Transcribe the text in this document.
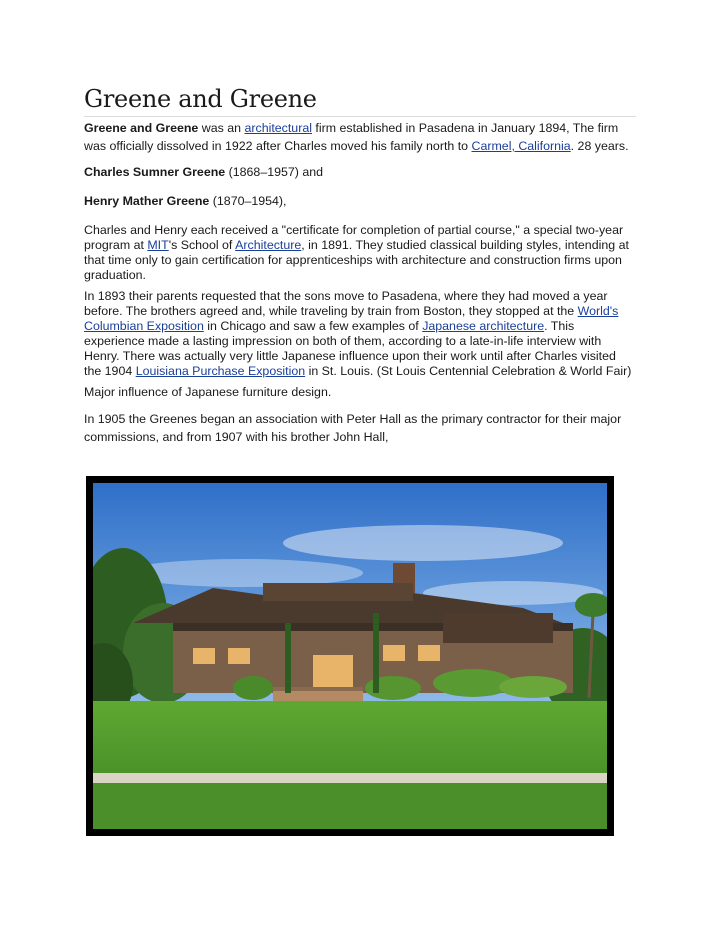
Greene and Greene

Greene and Greene was an architectural firm established in Pasadena in January 1894, The firm was officially dissolved in 1922 after Charles moved his family north to Carmel, California. 28 years.

Charles Sumner Greene (1868–1957) and

Henry Mather Greene (1870–1954),

Charles and Henry each received a "certificate for completion of partial course," a special two-year program at MIT's School of Architecture, in 1891. They studied classical building styles, intending at that time only to gain certification for apprenticeships with architecture and construction firms upon graduation.

In 1893 their parents requested that the sons move to Pasadena, where they had moved a year before. The brothers agreed and, while traveling by train from Boston, they stopped at the World's Columbian Exposition in Chicago and saw a few examples of Japanese architecture. This experience made a lasting impression on both of them, according to a late-in-life interview with Henry. There was actually very little Japanese influence upon their work until after Charles visited the 1904 Louisiana Purchase Exposition in St. Louis. (St Louis Centennial Celebration & World Fair)

Major influence of Japanese furniture design.

In 1905 the Greenes began an association with Peter Hall as the primary contractor for their major commissions, and from 1907 with his brother John Hall,
